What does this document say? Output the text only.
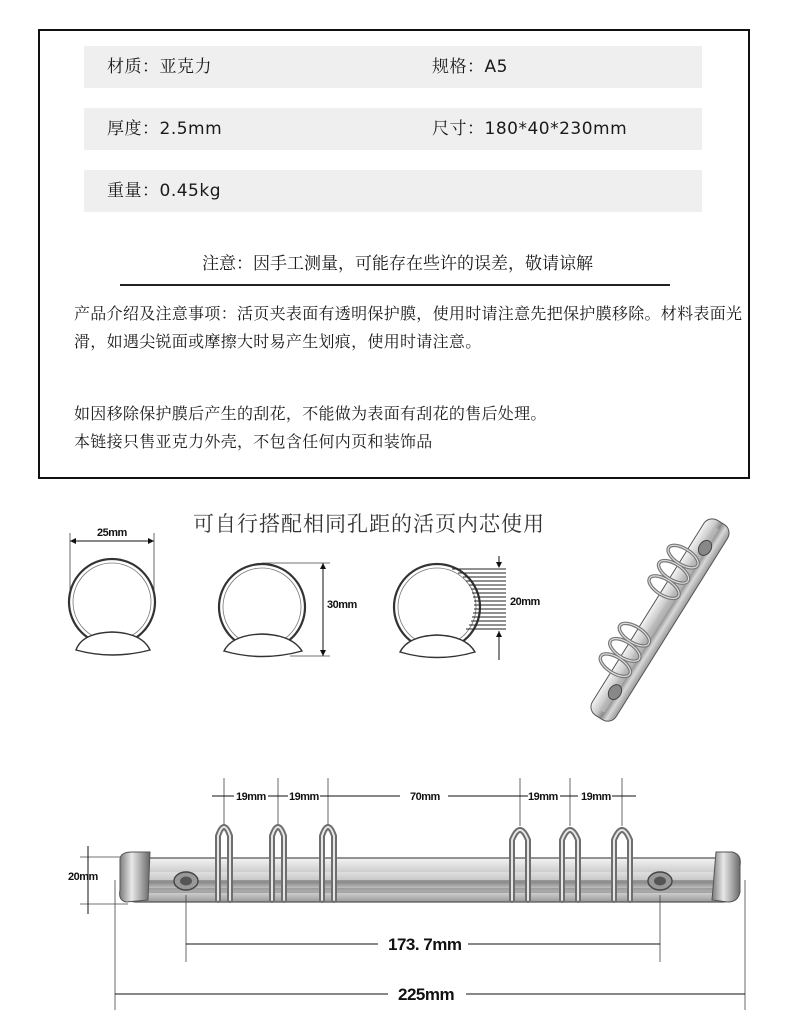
材质：亚克力	规格：A5
厚度：2.5mm	尺寸：180*40*230mm
重量：0.45kg
注意：因手工测量，可能存在些许的误差，敬请谅解
产品介绍及注意事项：活页夹表面有透明保护膜，使用时请注意先把保护膜移除。材料表面光滑，如遇尖锐面或摩擦大时易产生划痕，使用时请注意。
如因移除保护膜后产生的刮花，不能做为表面有刮花的售后处理。
本链接只售亚克力外壳，不包含任何内页和装饰品
可自行搭配相同孔距的活页内芯使用
25mm
30mm	20mm
19mm 19mm	70mm	19mm 19mm
20mm
173. 7mm
225mm
